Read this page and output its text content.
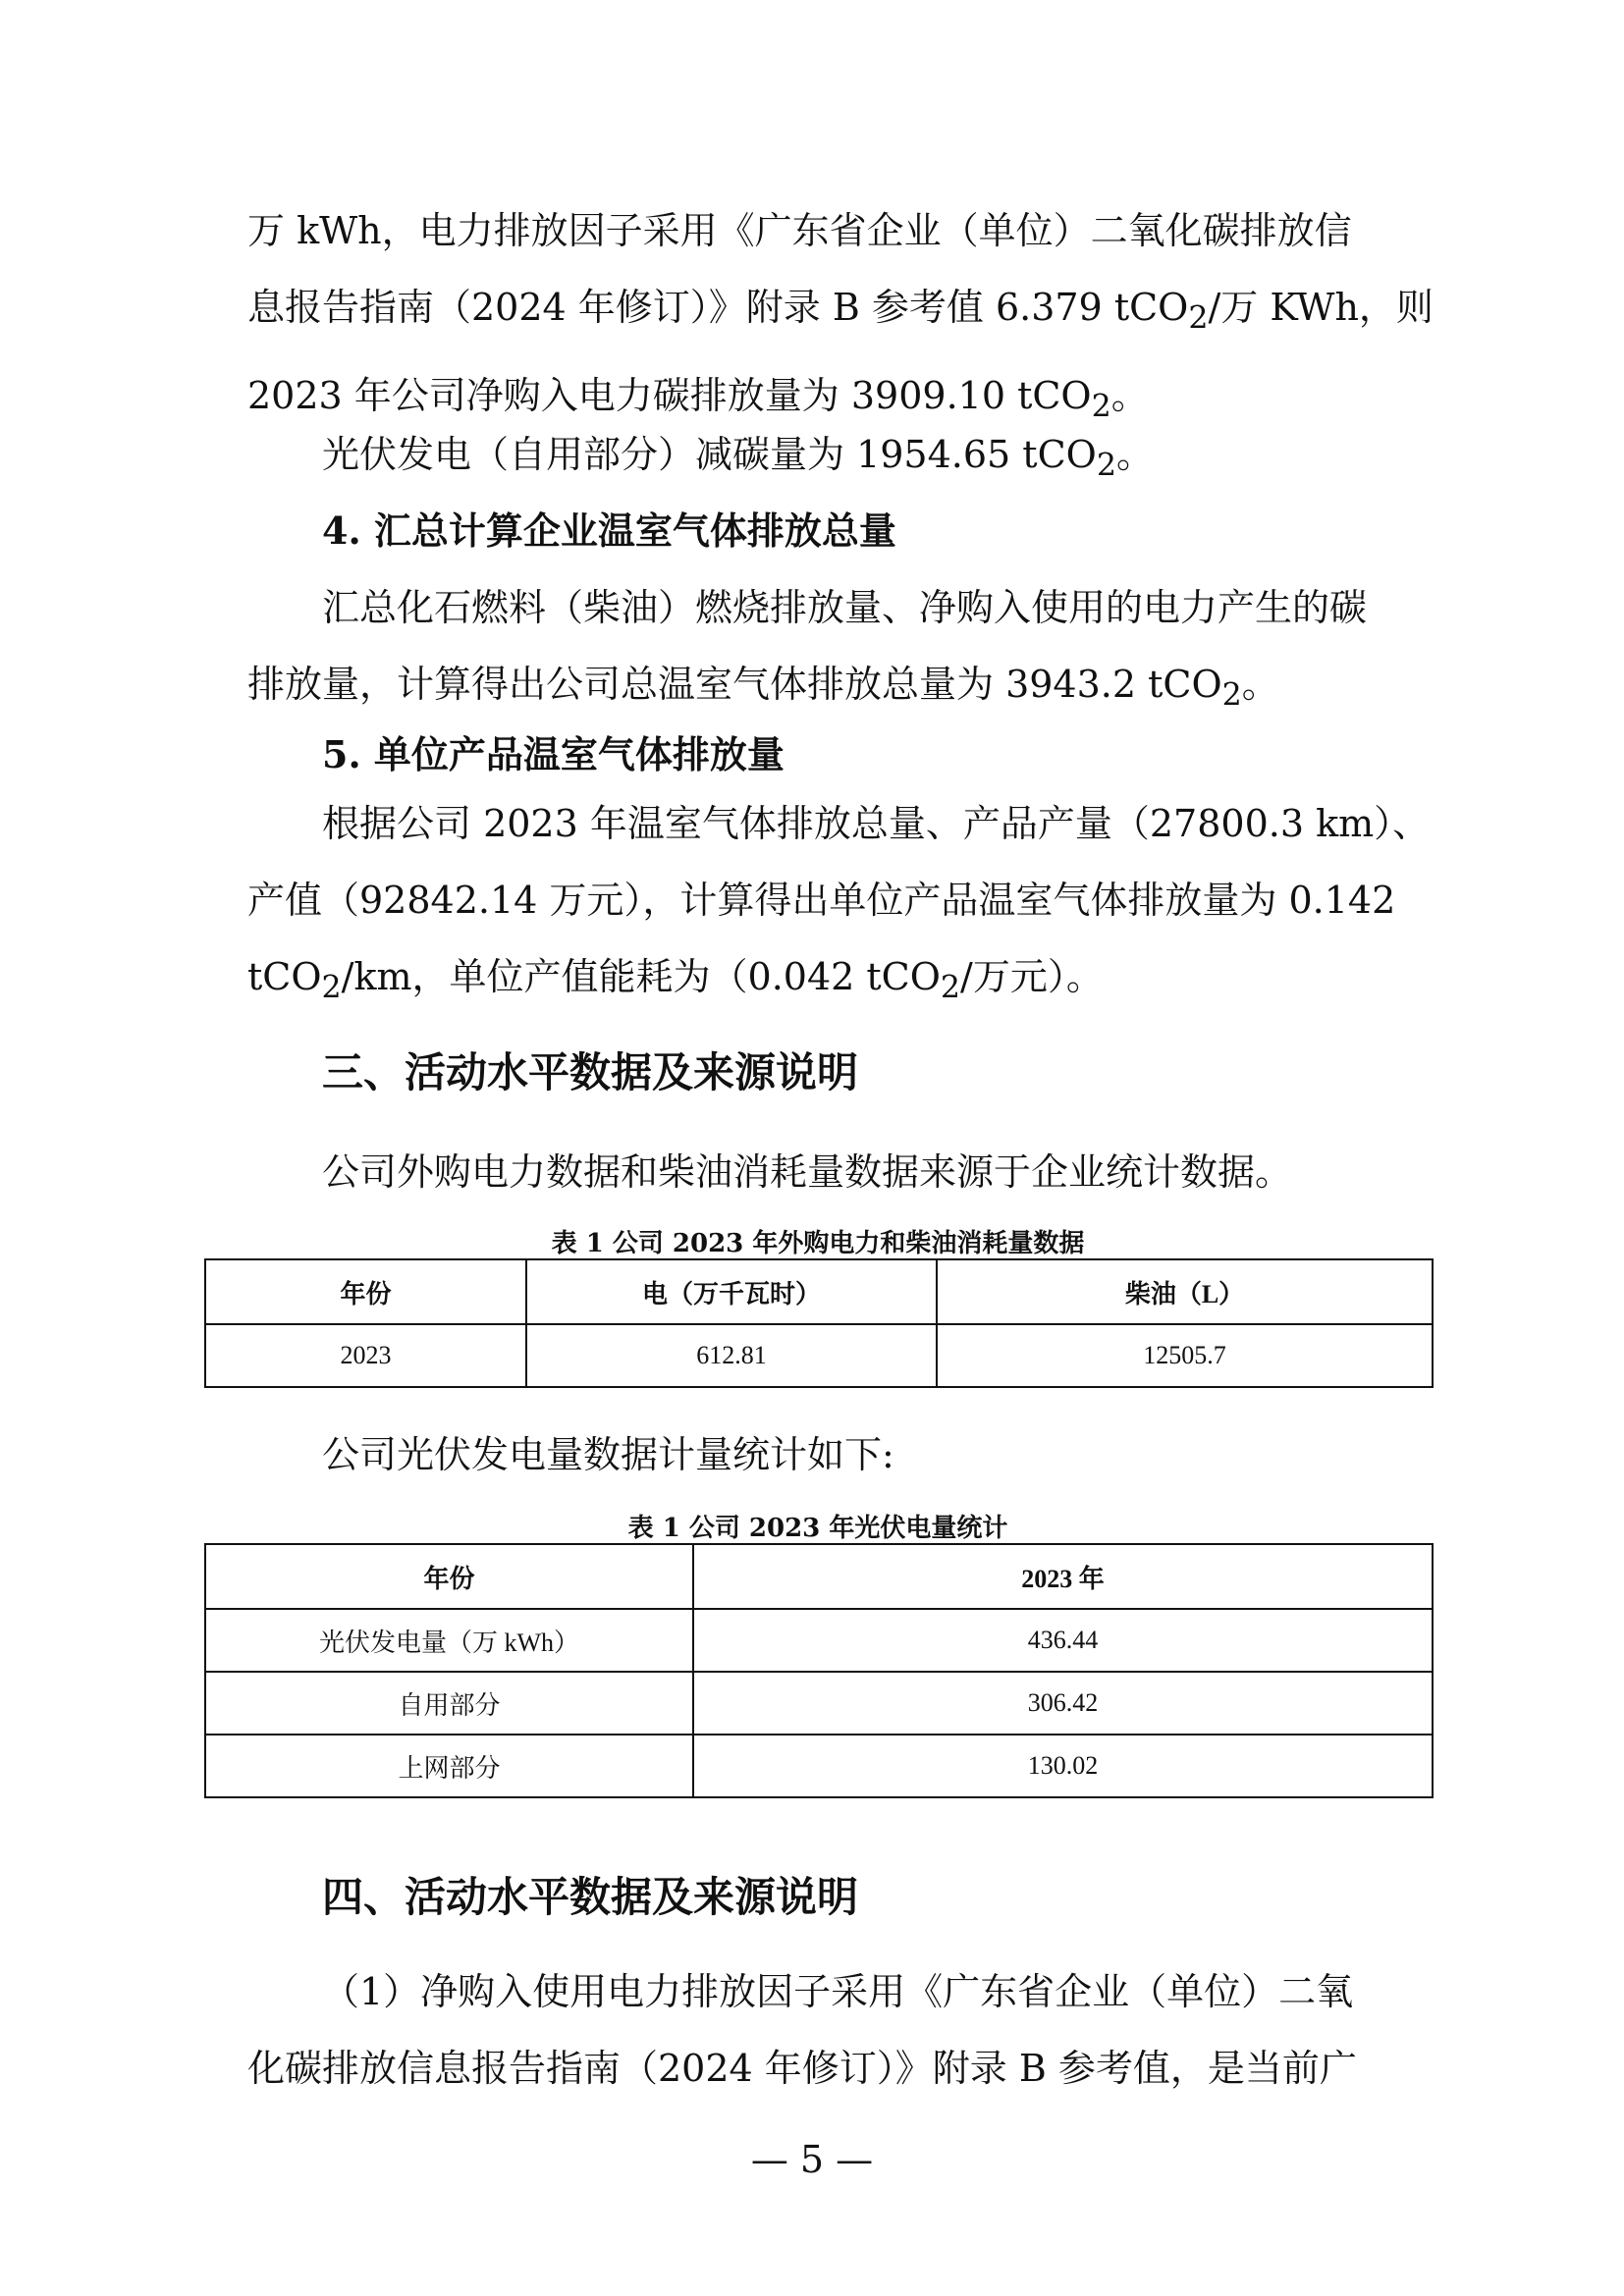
万 kWh，电力排放因子采用《广东省企业（单位）二氧化碳排放信
息报告指南（2024 年修订）》附录 B 参考值 6.379 tCO$_2$/万 KWh，则
2023 年公司净购入电力碳排放量为 3909.10 tCO$_2$。

光伏发电（自用部分）减碳量为 1954.65 tCO$_2$。

4. 汇总计算企业温室气体排放总量

汇总化石燃料（柴油）燃烧排放量、净购入使用的电力产生的碳
排放量，计算得出公司总温室气体排放总量为 3943.2 tCO$_2$。

5. 单位产品温室气体排放量

根据公司 2023 年温室气体排放总量、产品产量（27800.3 km）、
产值（92842.14 万元），计算得出单位产品温室气体排放量为 0.142
tCO$_2$/km，单位产值能耗为（0.042 tCO$_2$/万元）。

三、活动水平数据及来源说明

公司外购电力数据和柴油消耗量数据来源于企业统计数据。

表 1 公司 2023 年外购电力和柴油消耗量数据

年份	电（万千瓦时）	柴油（L）
2023	612.81	12505.7

公司光伏发电量数据计量统计如下:

表 1 公司 2023 年光伏电量统计

年份	2023 年
光伏发电量（万 kWh）	436.44
自用部分	306.42
上网部分	130.02
四、活动水平数据及来源说明

（1）净购入使用电力排放因子采用《广东省企业（单位）二氧
化碳排放信息报告指南（2024 年修订）》附录 B 参考值，是当前广

— 5 —
